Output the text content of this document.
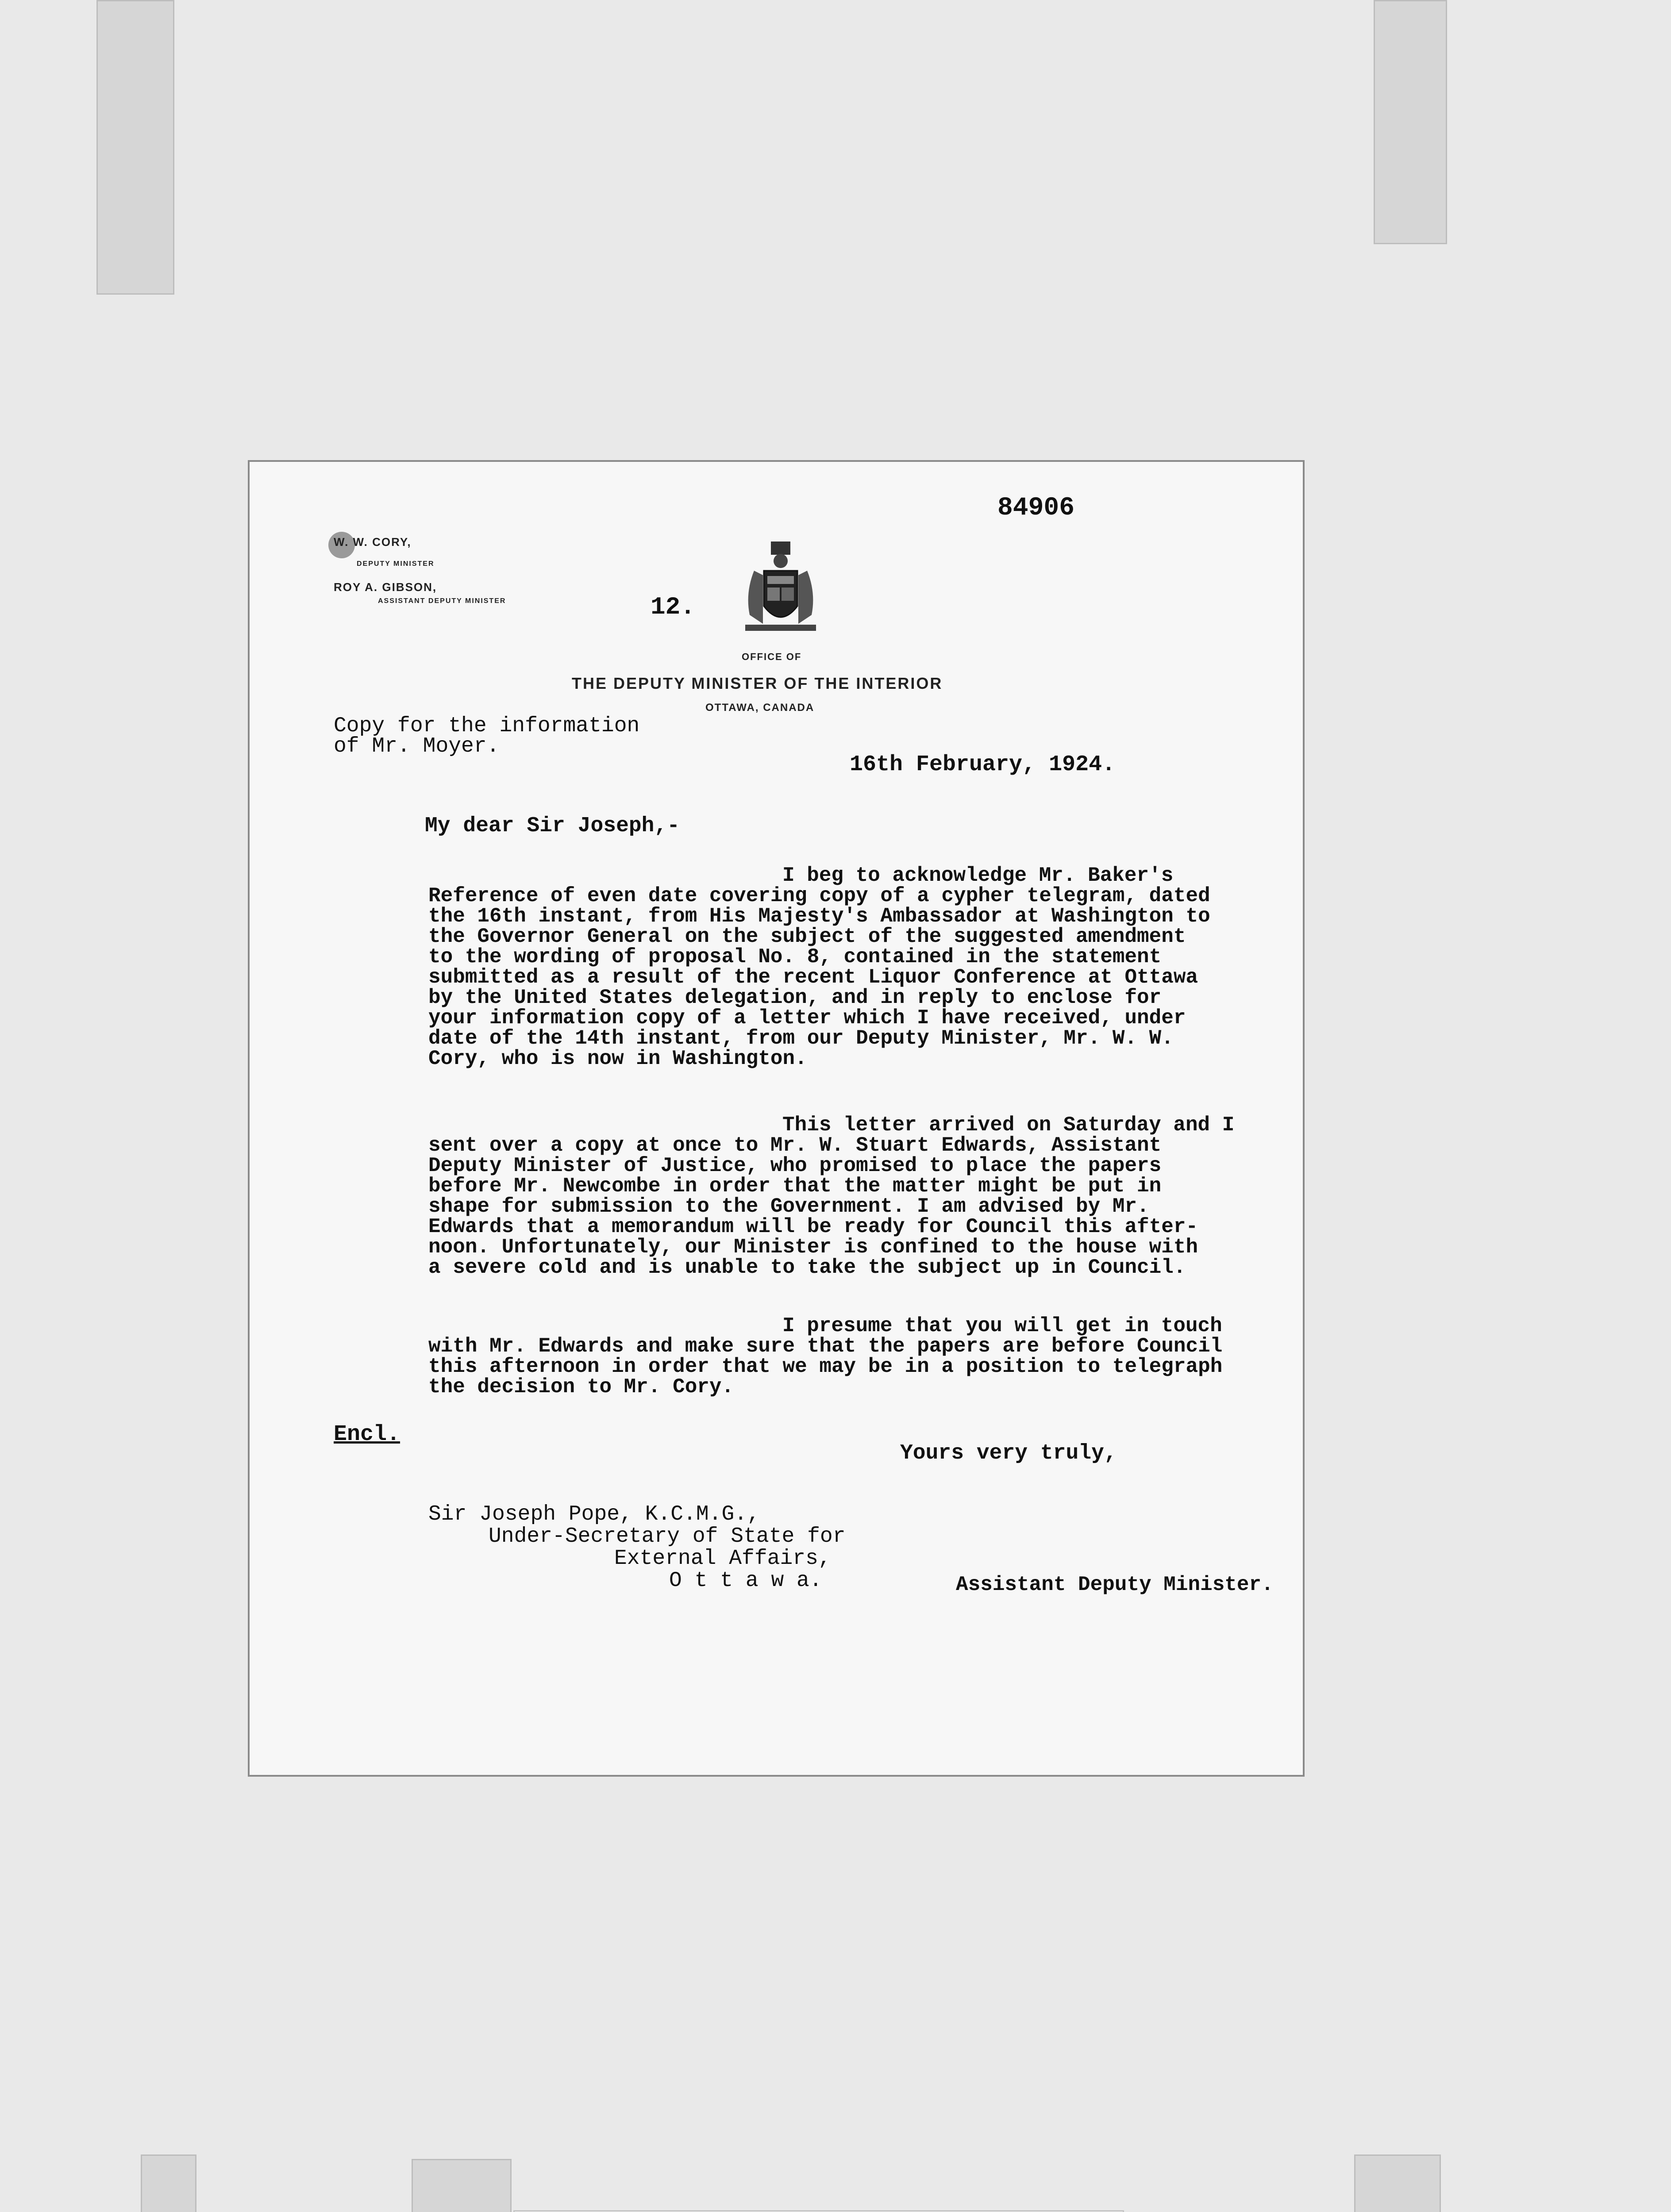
84906
W. W. CORY,
DEPUTY MINISTER
ROY A. GIBSON,
ASSISTANT DEPUTY MINISTER	12.
OFFICE OF
THE DEPUTY MINISTER OF THE INTERIOR
OTTAWA, CANADA
Copy for the information
of Mr. Moyer.
16th February, 1924.
My dear Sir Joseph,-
I beg to acknowledge Mr. Baker's
Reference of even date covering copy of a cypher telegram, dated
the 16th instant, from His Majesty's Ambassador at Washington to
the Governor General on the subject of the suggested amendment
to the wording of proposal No. 8, contained in the statement
submitted as a result of the recent Liquor Conference at Ottawa
by the United States delegation, and in reply to enclose for
your information copy of a letter which I have received, under
date of the 14th instant, from our Deputy Minister, Mr. W. W.
Cory, who is now in Washington.
This letter arrived on Saturday and I
sent over a copy at once to Mr. W. Stuart Edwards, Assistant
Deputy Minister of Justice, who promised to place the papers
before Mr. Newcombe in order that the matter might be put in
shape for submission to the Government. I am advised by Mr.
Edwards that a memorandum will be ready for Council this after-
noon. Unfortunately, our Minister is confined to the house with
a severe cold and is unable to take the subject up in Council.
I presume that you will get in touch
with Mr. Edwards and make sure that the papers are before Council
this afternoon in order that we may be in a position to telegraph
the decision to Mr. Cory.
Encl.
Yours very truly,
Sir Joseph Pope, K.C.M.G.,
Under-Secretary of State for
External Affairs,
O t t a w a.	Assistant Deputy Minister.
